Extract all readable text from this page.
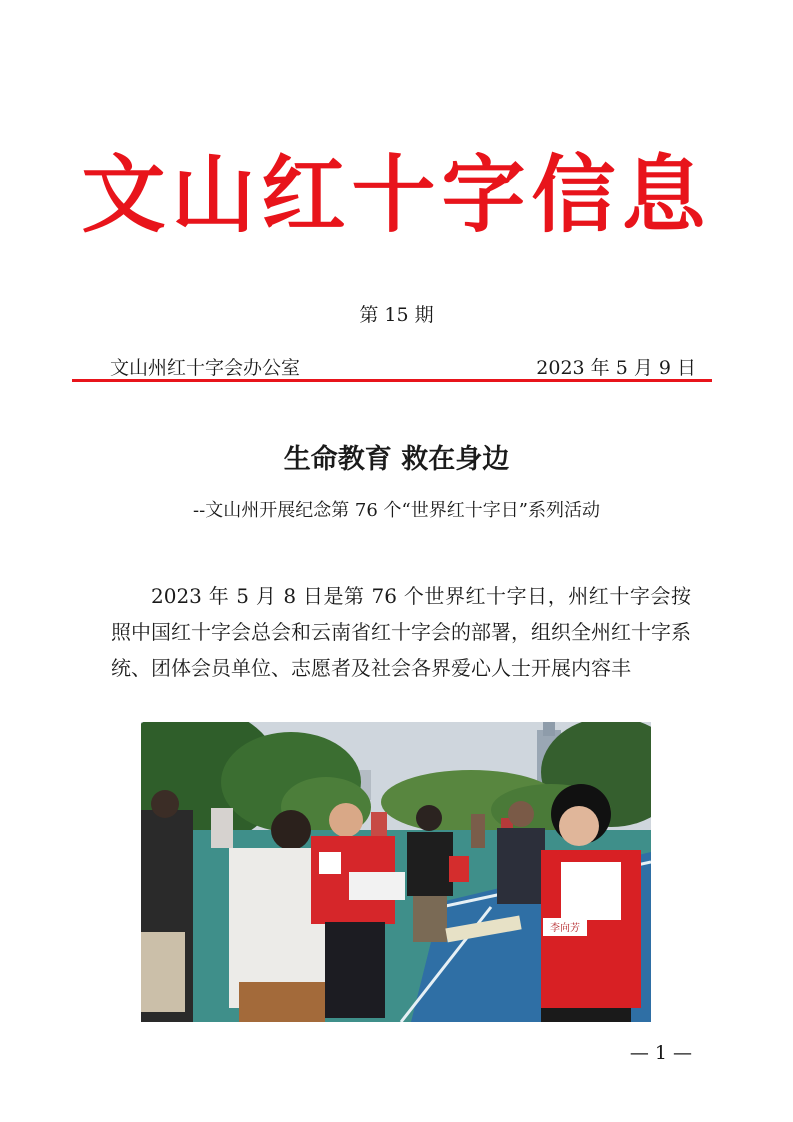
文山红十字信息
第 15 期
文山州红十字会办公室	2023 年 5 月 9 日
生命教育 救在身边
--文山州开展纪念第 76 个“世界红十字日”系列活动

2023 年 5 月 8 日是第 76 个世界红十字日，州红十字会按照中国红十字会总会和云南省红十字会的部署，组织全州红十字系统、团体会员单位、志愿者及社会各界爱心人士开展内容丰

李向芳
— 1 —
